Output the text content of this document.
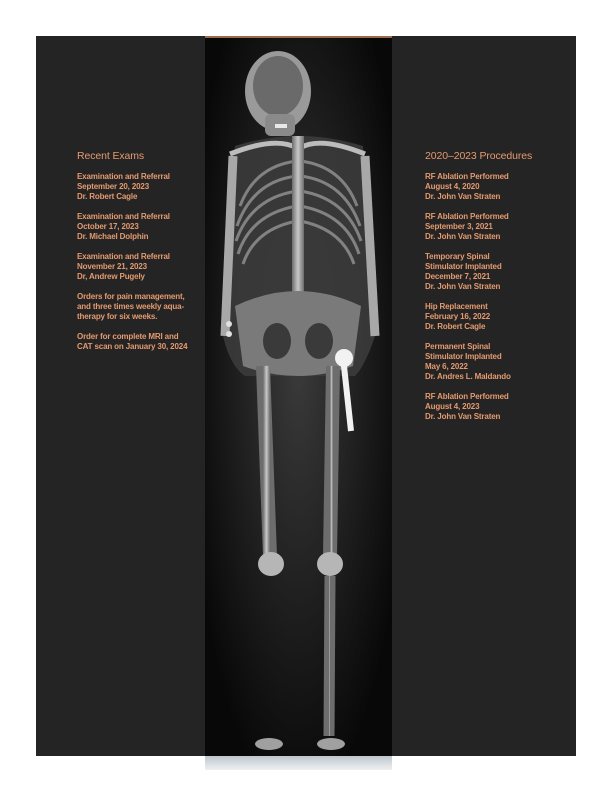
Recent Exams
Examination and Referral
September 20, 2023
Dr. Robert Cagle
Examination and Referral
October 17, 2023
Dr. Michael Dolphin
Examination and Referral
November 21, 2023
Dr, Andrew Pugely
Orders for pain management,
and three times weekly aqua-
therapy for six weeks.
Order for complete MRI and
CAT scan on January 30, 2024
2020–2023 Procedures
RF Ablation Performed
August 4, 2020
Dr. John Van Straten
RF Ablation Performed
September 3, 2021
Dr. John Van Straten
Temporary Spinal
Stimulator Implanted
December 7, 2021
Dr. John Van Straten
Hip Replacement
February 16, 2022
Dr. Robert Cagle
Permanent Spinal
Stimulator Implanted
May 6, 2022
Dr. Andres L. Maldando
RF Ablation Performed
August 4, 2023
Dr. John Van Straten
